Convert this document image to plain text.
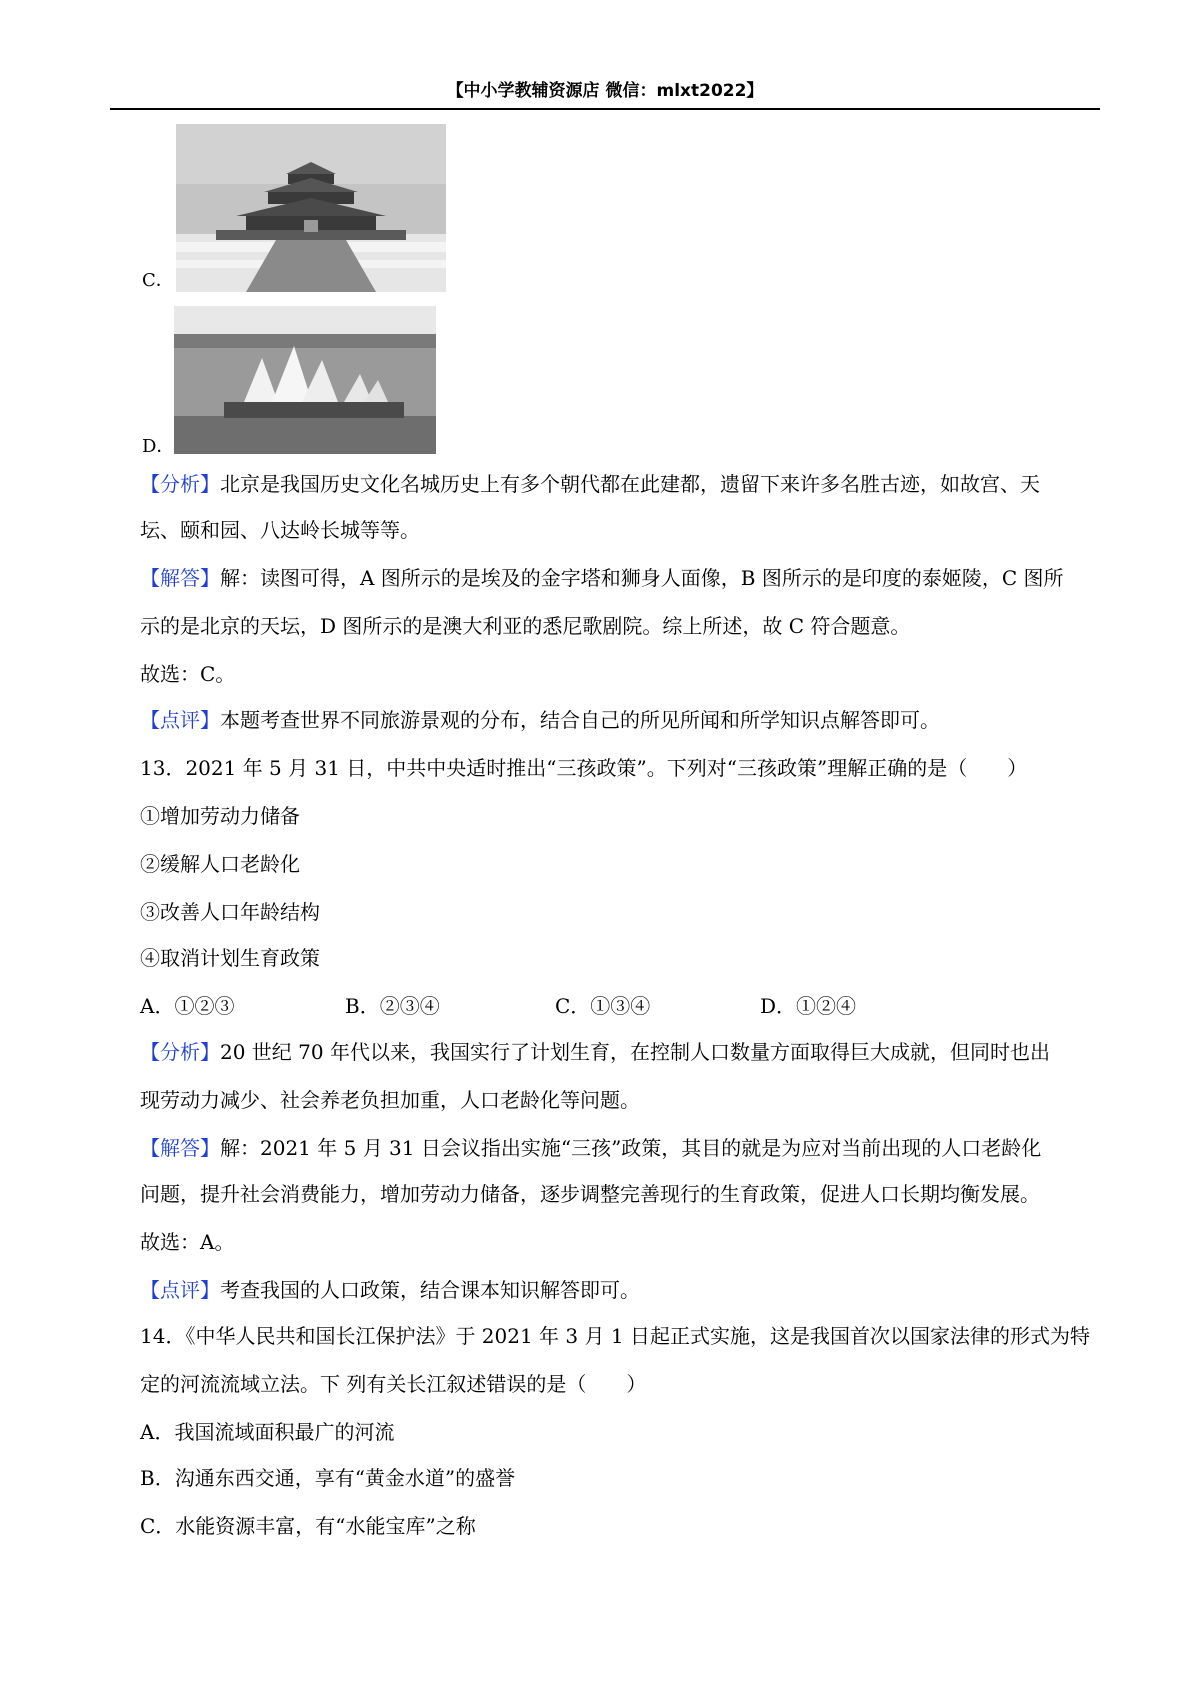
【中小学教辅资源店 微信：mlxt2022】
C．
D．
【分析】北京是我国历史文化名城历史上有多个朝代都在此建都，遗留下来许多名胜古迹，如故宫、天
坛、颐和园、八达岭长城等等。
【解答】解：读图可得，A 图所示的是埃及的金字塔和狮身人面像，B 图所示的是印度的泰姬陵，C 图所
示的是北京的天坛，D 图所示的是澳大利亚的悉尼歌剧院。综上所述，故 C 符合题意。
故选：C。
【点评】本题考查世界不同旅游景观的分布，结合自己的所见所闻和所学知识点解答即可。
13．2021 年 5 月 31 日，中共中央适时推出“三孩政策”。下列对“三孩政策”理解正确的是（　　）
①增加劳动力储备
②缓解人口老龄化
③改善人口年龄结构
④取消计划生育政策
A．①②③	B．②③④	C．①③④	D．①②④
【分析】20 世纪 70 年代以来，我国实行了计划生育，在控制人口数量方面取得巨大成就，但同时也出
现劳动力减少、社会养老负担加重，人口老龄化等问题。
【解答】解：2021 年 5 月 31 日会议指出实施“三孩”政策，其目的就是为应对当前出现的人口老龄化
问题，提升社会消费能力，增加劳动力储备，逐步调整完善现行的生育政策，促进人口长期均衡发展。
故选：A。
【点评】考查我国的人口政策，结合课本知识解答即可。
14．《中华人民共和国长江保护法》于 2021 年 3 月 1 日起正式实施，这是我国首次以国家法律的形式为特
定的河流流域立法。下 列有关长江叙述错误的是（　　）
A．我国流域面积最广的河流
B．沟通东西交通，享有“黄金水道”的盛誉
C．水能资源丰富，有“水能宝库”之称
